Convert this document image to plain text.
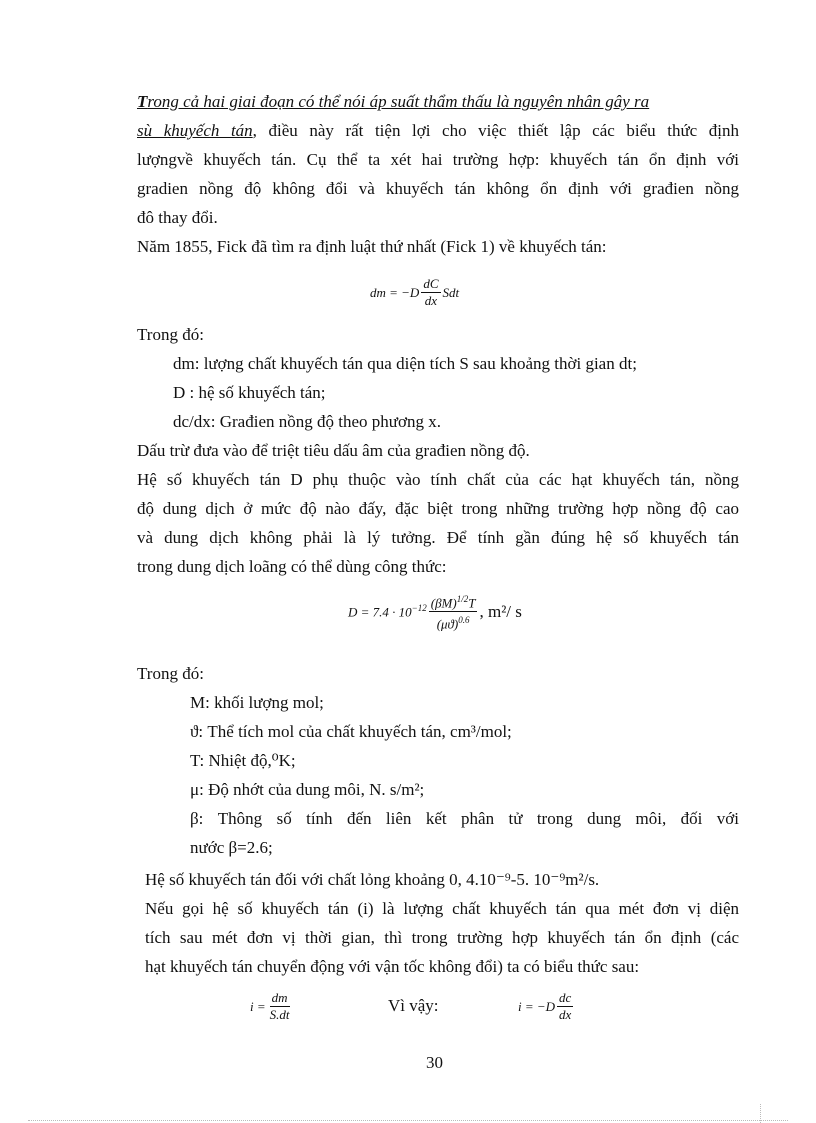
Trong cả hai giai đoạn có thể nói áp suất thẩm thấu là nguyên nhân gây ra
sù khuyếch tán, điều này rất tiện lợi cho việc thiết lập các biểu thức định
lượngvề khuyếch tán. Cụ thể ta xét hai trường hợp: khuyếch tán ổn định với
gradien nồng độ không đổi và khuyếch tán không ổn định với građien nồng
đô thay đổi.
Năm 1855, Fick đã tìm ra định luật thứ nhất (Fick 1) về khuyếch tán:
dm = $-D \frac{dC}{dx}$ Sdt
Trong đó:
dm: lượng chất khuyếch tán qua diện tích S sau khoảng thời gian dt;
D : hệ số khuyếch tán;
dc/dx: Građien nồng độ theo phương x.
Dấu trừ đưa vào để triệt tiêu dấu âm của građien nồng độ.
Hệ số khuyếch tán D phụ thuộc vào tính chất của các hạt khuyếch tán, nồng
độ dung dịch ở mức độ nào đấy, đặc biệt trong những trường hợp nồng độ cao
và dung dịch không phải là lý tưởng. Để tính gần đúng hệ số khuyếch tán
trong dung dịch loãng có thể dùng công thức:
$D = 7.4 \cdot 10^{-12} \frac{(\beta M)^{1/2}T}{(\mu ϑ)^{0.6}}$ , m²/ s
Trong đó:
M: khối lượng mol;
ϑ: Thể tích mol của chất khuyếch tán, cm³/mol;
T: Nhiệt độ,⁰K;
μ: Độ nhớt của dung môi, N. s/m²;
β: Thông số tính đến liên kết phân tử trong dung môi, đối với
nước β=2.6;
Hệ số khuyếch tán đối với chất lỏng khoảng 0, 4.10⁻⁹-5. 10⁻⁹m²/s.
Nếu gọi hệ số khuyếch tán (i) là lượng chất khuyếch tán qua mét đơn vị diện
tích sau mét đơn vị thời gian, thì trong trường hợp khuyếch tán ổn định (các
hạt khuyếch tán chuyển động với vận tốc không đổi) ta có biểu thức sau:
$i = \frac{dm}{S.dt}$	Vì vậy:	$i = -D \frac{dc}{dx}$
30
